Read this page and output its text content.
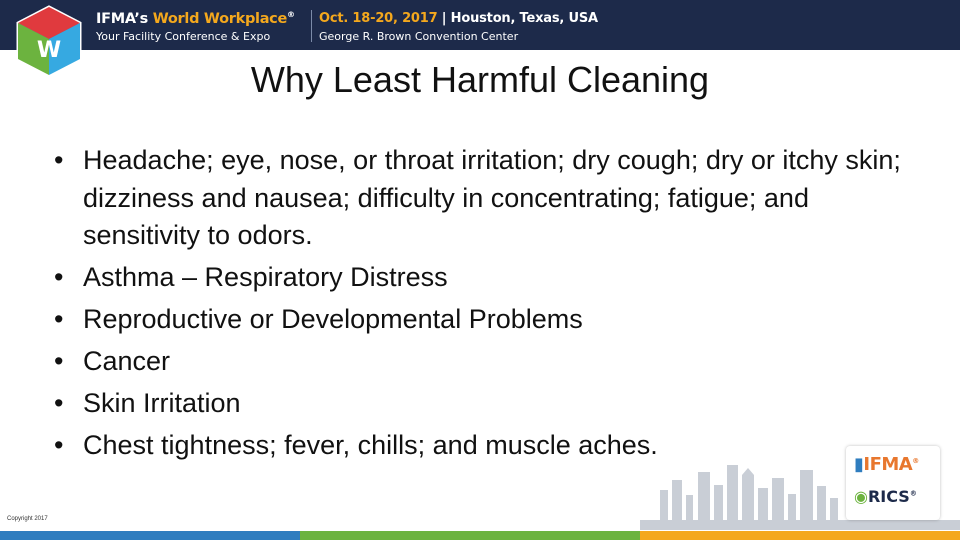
W
IFMA’s World Workplace®
Your Facility Conference & Expo
Oct. 18-20, 2017 | Houston, Texas, USA
George R. Brown Convention Center
Why Least Harmful Cleaning
• Headache; eye, nose, or throat irritation; dry cough; dry or itchy skin; dizziness and nausea; difficulty in concentrating; fatigue; and sensitivity to odors.
• Asthma – Respiratory Distress
• Reproductive or Developmental Problems
• Cancer
• Skin Irritation
• Chest tightness; fever, chills; and muscle aches.
▮IFMA®
◉RICS®
Copyright 2017
